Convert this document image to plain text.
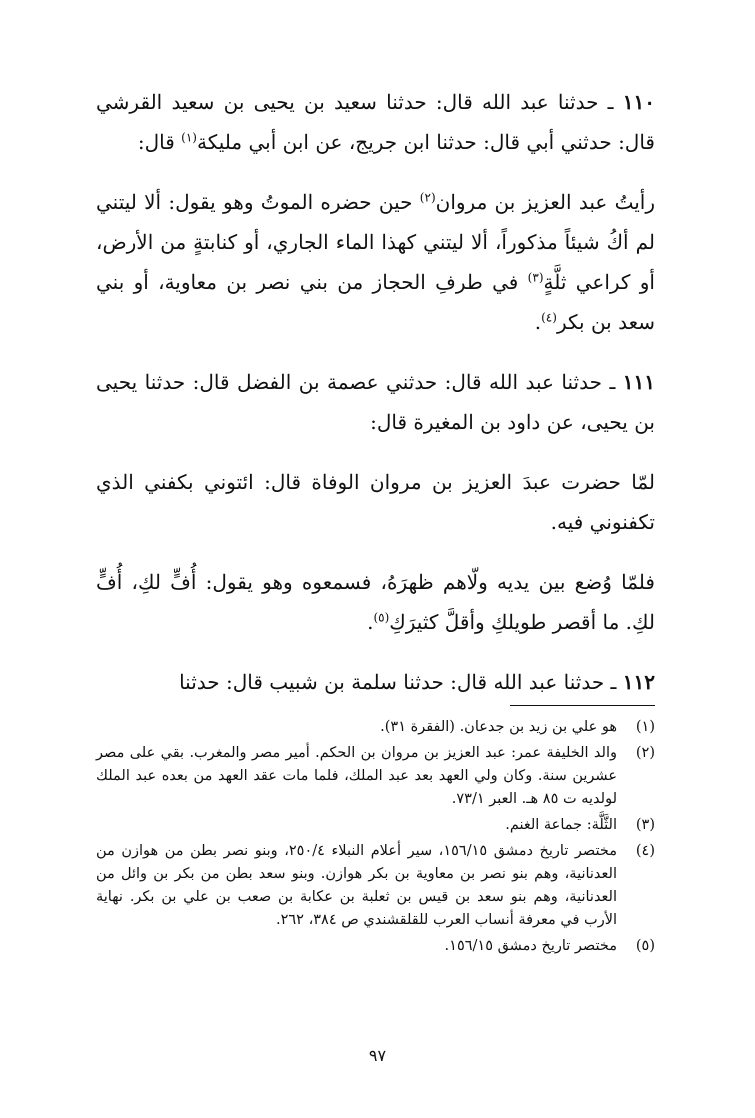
١١٠ ـ حدثنا عبد الله قال: حدثنا سعيد بن يحيى بن سعيد القرشي قال: حدثني أبي قال: حدثنا ابن جريج، عن ابن أبي مليكة$^{(١)}$ قال:

رأيتُ عبد العزيز بن مروان$^{(٢)}$ حين حضره الموتُ وهو يقول: ألا ليتني لم أكُ شيئاً مذكوراً، ألا ليتني كهذا الماء الجاري، أو كنابتةٍ من الأرض، أو كراعي ثلَّةٍ$^{(٣)}$ في طرفِ الحجاز من بني نصر بن معاوية، أو بني سعد بن بكر$^{(٤)}$.

١١١ ـ حدثنا عبد الله قال: حدثني عصمة بن الفضل قال: حدثنا يحيى بن يحيى، عن داود بن المغيرة قال:

لمّا حضرت عبدَ العزيز بن مروان الوفاة قال: ائتوني بكفني الذي تكفنوني فيه.

فلمّا وُضع بين يديه ولّاهم ظهرَهُ، فسمعوه وهو يقول: أُفٍّ لكِ، أُفٍّ لكِ. ما أقصر طويلكِ وأقلَّ كثيرَكِ$^{(٥)}$.

١١٢ ـ حدثنا عبد الله قال: حدثنا سلمة بن شبيب قال: حدثنا

(١)
هو علي بن زيد بن جدعان. (الفقرة ٣١).
(٢)
والد الخليفة عمر: عبد العزيز بن مروان بن الحكم. أمير مصر والمغرب. بقي على مصر عشرين سنة. وكان ولي العهد بعد عبد الملك، فلما مات عقد العهد من بعده عبد الملك لولديه ت ٨٥ هـ. العبر ٧٣/١.
(٣)
الثَّلَّة: جماعة الغنم.
(٤)
مختصر تاريخ دمشق ١٥٦/١٥، سير أعلام النبلاء ٢٥٠/٤، وبنو نصر بطن من هوازن من العدنانية، وهم بنو نصر بن معاوية بن بكر هوازن. وبنو سعد بطن من بكر بن وائل من العدنانية، وهم بنو سعد بن قيس بن ثعلبة بن عكابة بن صعب بن علي بن بكر. نهاية الأرب في معرفة أنساب العرب للقلقشندي ص ٣٨٤، ٢٦٢.
(٥)
مختصر تاريخ دمشق ١٥٦/١٥.
٩٧
